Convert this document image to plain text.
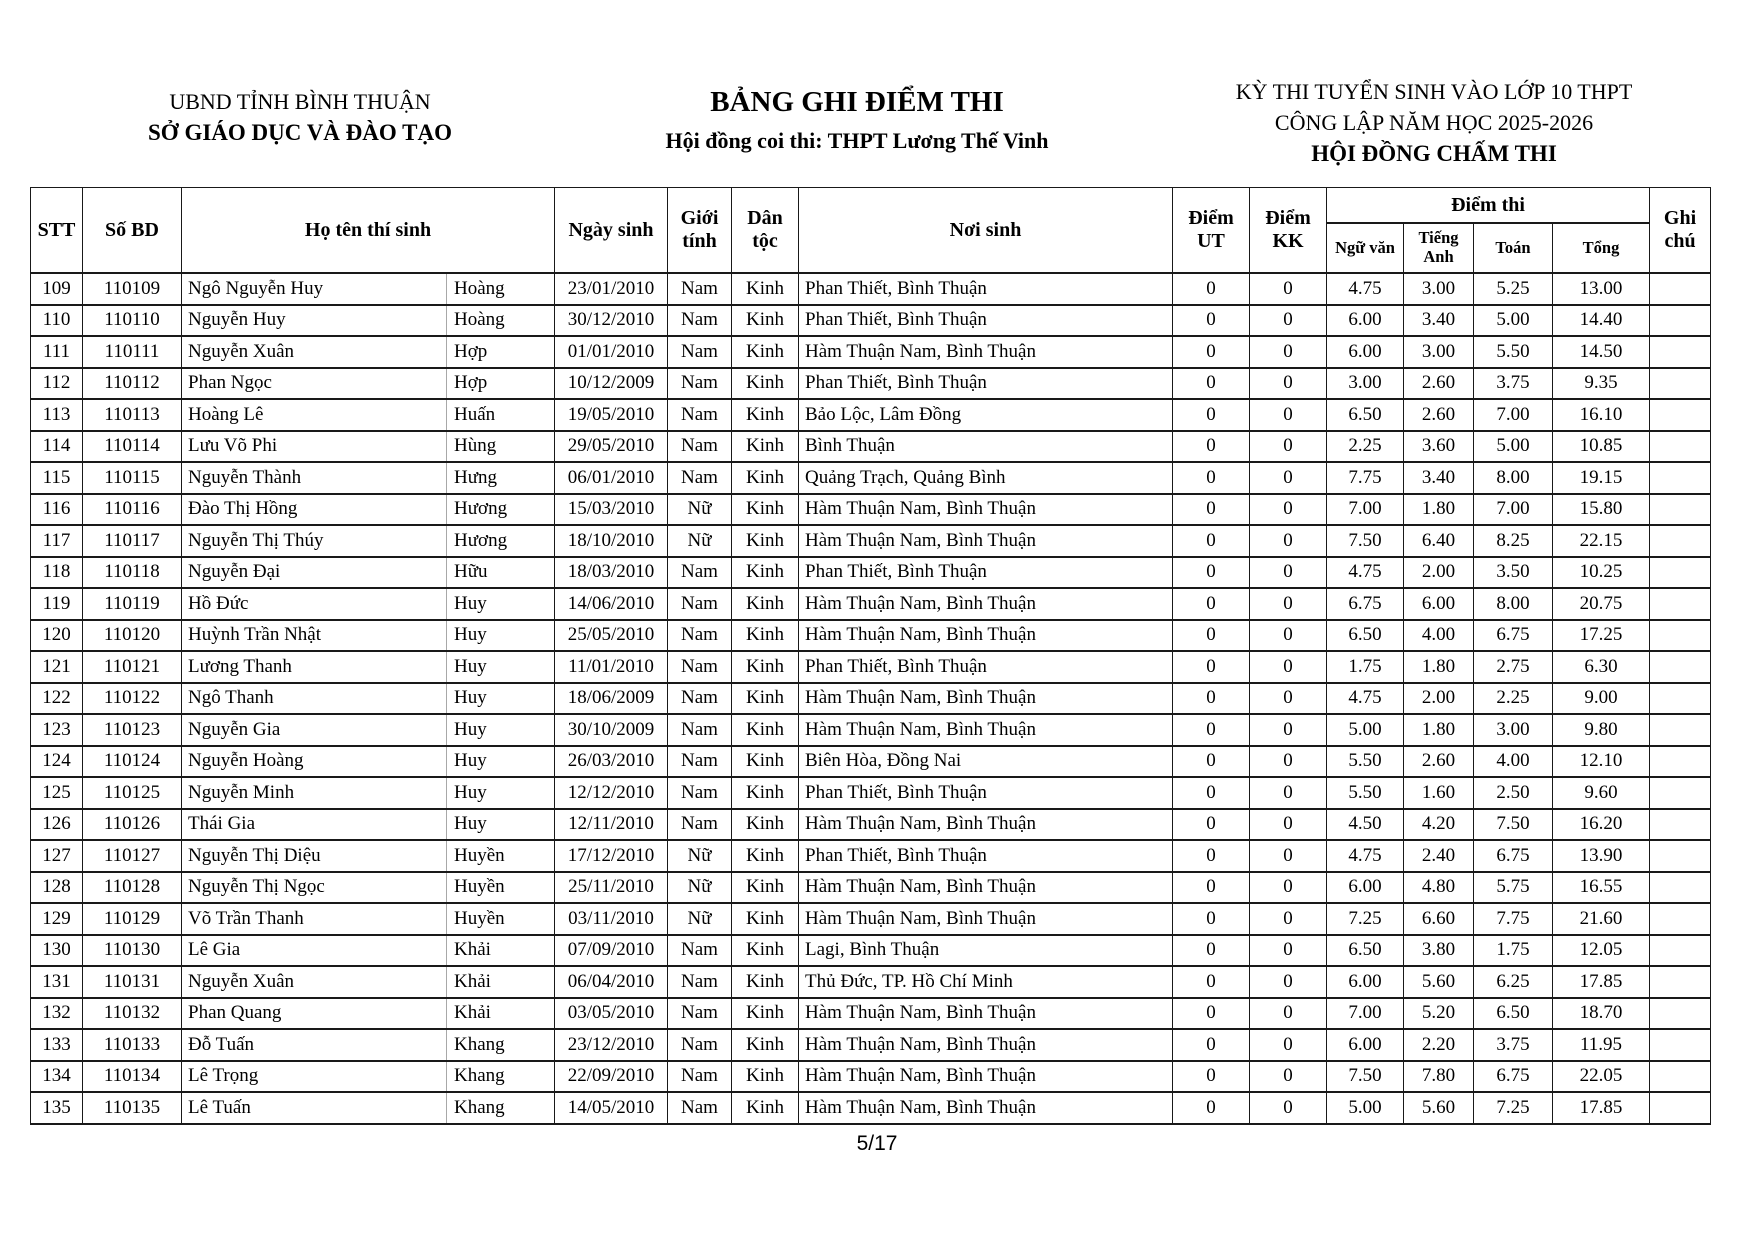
UBND TỈNH BÌNH THUẬN
SỞ GIÁO DỤC VÀ ĐÀO TẠO
BẢNG GHI ĐIỂM THI
Hội đồng coi thi: THPT Lương Thế Vinh
KỲ THI TUYỂN SINH VÀO LỚP 10 THPT
CÔNG LẬP NĂM HỌC 2025-2026
HỘI ĐỒNG CHẤM THI
STT	Số BD	Họ tên thí sinh	Ngày sinh	Giới tính	Dân tộc	Nơi sinh	Điểm UT	Điểm KK	Điểm thi				Ghi chú
									Ngữ văn	Tiếng Anh	Toán	Tổng	
109	110109	Ngô Nguyễn Huy Hoàng	23/01/2010	Nam	Kinh	Phan Thiết, Bình Thuận	0	0	4.75	3.00	5.25	13.00	
110	110110	Nguyễn Huy Hoàng	30/12/2010	Nam	Kinh	Phan Thiết, Bình Thuận	0	0	6.00	3.40	5.00	14.40	
111	110111	Nguyễn Xuân Hợp	01/01/2010	Nam	Kinh	Hàm Thuận Nam, Bình Thuận	0	0	6.00	3.00	5.50	14.50	
112	110112	Phan Ngọc Hợp	10/12/2009	Nam	Kinh	Phan Thiết, Bình Thuận	0	0	3.00	2.60	3.75	9.35	
113	110113	Hoàng Lê Huấn	19/05/2010	Nam	Kinh	Bảo Lộc, Lâm Đồng	0	0	6.50	2.60	7.00	16.10	
114	110114	Lưu Võ Phi Hùng	29/05/2010	Nam	Kinh	Bình Thuận	0	0	2.25	3.60	5.00	10.85	
115	110115	Nguyễn Thành Hưng	06/01/2010	Nam	Kinh	Quảng Trạch, Quảng Bình	0	0	7.75	3.40	8.00	19.15	
116	110116	Đào Thị Hồng Hương	15/03/2010	Nữ	Kinh	Hàm Thuận Nam, Bình Thuận	0	0	7.00	1.80	7.00	15.80	
117	110117	Nguyễn Thị Thúy Hương	18/10/2010	Nữ	Kinh	Hàm Thuận Nam, Bình Thuận	0	0	7.50	6.40	8.25	22.15	
118	110118	Nguyễn Đại Hữu	18/03/2010	Nam	Kinh	Phan Thiết, Bình Thuận	0	0	4.75	2.00	3.50	10.25	
119	110119	Hồ Đức Huy	14/06/2010	Nam	Kinh	Hàm Thuận Nam, Bình Thuận	0	0	6.75	6.00	8.00	20.75	
120	110120	Huỳnh Trần Nhật Huy	25/05/2010	Nam	Kinh	Hàm Thuận Nam, Bình Thuận	0	0	6.50	4.00	6.75	17.25	
121	110121	Lương Thanh Huy	11/01/2010	Nam	Kinh	Phan Thiết, Bình Thuận	0	0	1.75	1.80	2.75	6.30	
122	110122	Ngô Thanh Huy	18/06/2009	Nam	Kinh	Hàm Thuận Nam, Bình Thuận	0	0	4.75	2.00	2.25	9.00	
123	110123	Nguyễn Gia Huy	30/10/2009	Nam	Kinh	Hàm Thuận Nam, Bình Thuận	0	0	5.00	1.80	3.00	9.80	
124	110124	Nguyễn Hoàng Huy	26/03/2010	Nam	Kinh	Biên Hòa, Đồng Nai	0	0	5.50	2.60	4.00	12.10	
125	110125	Nguyễn Minh Huy	12/12/2010	Nam	Kinh	Phan Thiết, Bình Thuận	0	0	5.50	1.60	2.50	9.60	
126	110126	Thái Gia Huy	12/11/2010	Nam	Kinh	Hàm Thuận Nam, Bình Thuận	0	0	4.50	4.20	7.50	16.20	
127	110127	Nguyễn Thị Diệu Huyền	17/12/2010	Nữ	Kinh	Phan Thiết, Bình Thuận	0	0	4.75	2.40	6.75	13.90	
128	110128	Nguyễn Thị Ngọc Huyền	25/11/2010	Nữ	Kinh	Hàm Thuận Nam, Bình Thuận	0	0	6.00	4.80	5.75	16.55	
129	110129	Võ Trần Thanh Huyền	03/11/2010	Nữ	Kinh	Hàm Thuận Nam, Bình Thuận	0	0	7.25	6.60	7.75	21.60	
130	110130	Lê Gia Khải	07/09/2010	Nam	Kinh	Lagi, Bình Thuận	0	0	6.50	3.80	1.75	12.05	
131	110131	Nguyễn Xuân Khải	06/04/2010	Nam	Kinh	Thủ Đức, TP. Hồ Chí Minh	0	0	6.00	5.60	6.25	17.85	
132	110132	Phan Quang Khải	03/05/2010	Nam	Kinh	Hàm Thuận Nam, Bình Thuận	0	0	7.00	5.20	6.50	18.70	
133	110133	Đỗ Tuấn Khang	23/12/2010	Nam	Kinh	Hàm Thuận Nam, Bình Thuận	0	0	6.00	2.20	3.75	11.95	
134	110134	Lê Trọng Khang	22/09/2010	Nam	Kinh	Hàm Thuận Nam, Bình Thuận	0	0	7.50	7.80	6.75	22.05	
135	110135	Lê Tuấn Khang	14/05/2010	Nam	Kinh	Hàm Thuận Nam, Bình Thuận	0	0	5.00	5.60	7.25	17.85	
5/17
